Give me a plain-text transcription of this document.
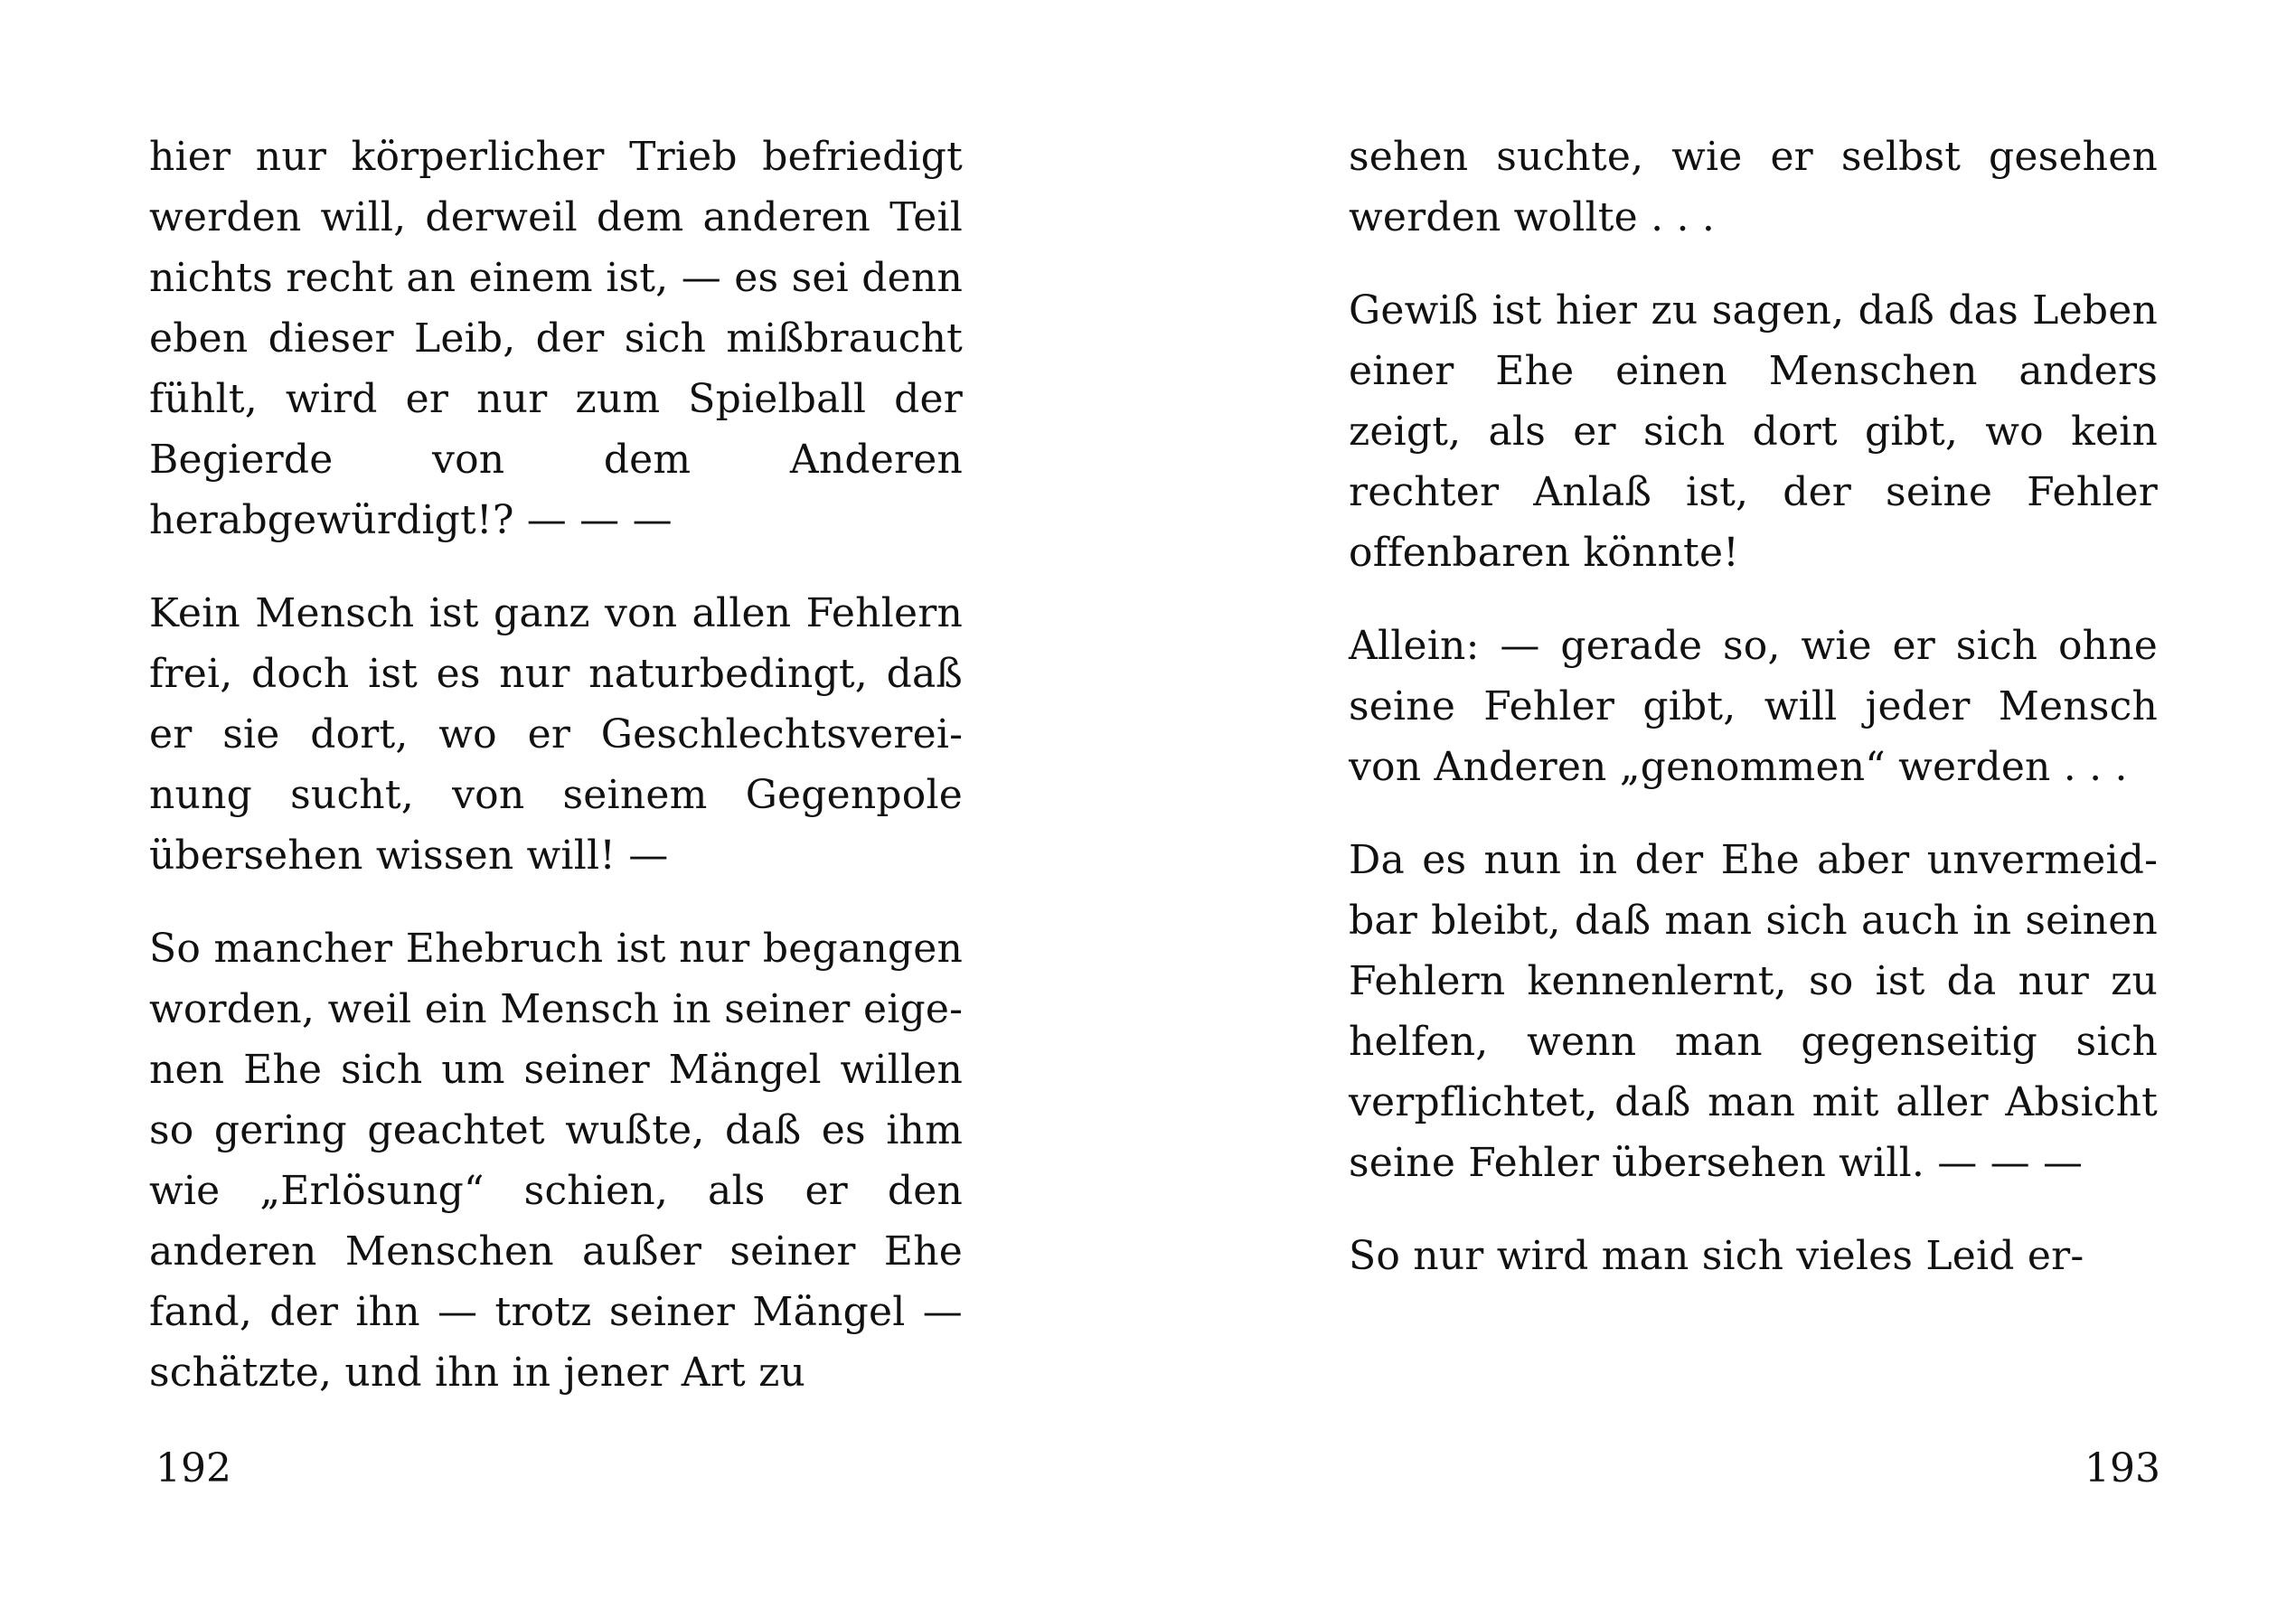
hier nur körperlicher Trieb befriedigt werden will, derweil dem anderen Teil nichts recht an einem ist, — es sei denn eben dieser Leib, der sich mißbraucht fühlt, wird er nur zum Spielball der Begierde von dem Anderen herabgewürdigt!? — — —

Kein Mensch ist ganz von allen Fehlern frei, doch ist es nur naturbedingt, daß er sie dort, wo er Geschlechtsvereinung sucht, von seinem Gegenpole übersehen wissen will! —

So mancher Ehebruch ist nur begangen worden, weil ein Mensch in seiner eigenen Ehe sich um seiner Mängel willen so gering geachtet wußte, daß es ihm wie „Erlösung“ schien, als er den anderen Menschen außer seiner Ehe fand, der ihn — trotz seiner Mängel — schätzte, und ihn in jener Art zu

192

sehen suchte, wie er selbst gesehen werden wollte . . .

Gewiß ist hier zu sagen, daß das Leben einer Ehe einen Menschen anders zeigt, als er sich dort gibt, wo kein rechter Anlaß ist, der seine Fehler offenbaren könnte!

Allein: — gerade so, wie er sich ohne seine Fehler gibt, will jeder Mensch von Anderen „genommen“ werden . . .

Da es nun in der Ehe aber unvermeidbar bleibt, daß man sich auch in seinen Fehlern kennenlernt, so ist da nur zu helfen, wenn man gegenseitig sich verpflichtet, daß man mit aller Absicht seine Fehler übersehen will. — — —

So nur wird man sich vieles Leid er-

193
